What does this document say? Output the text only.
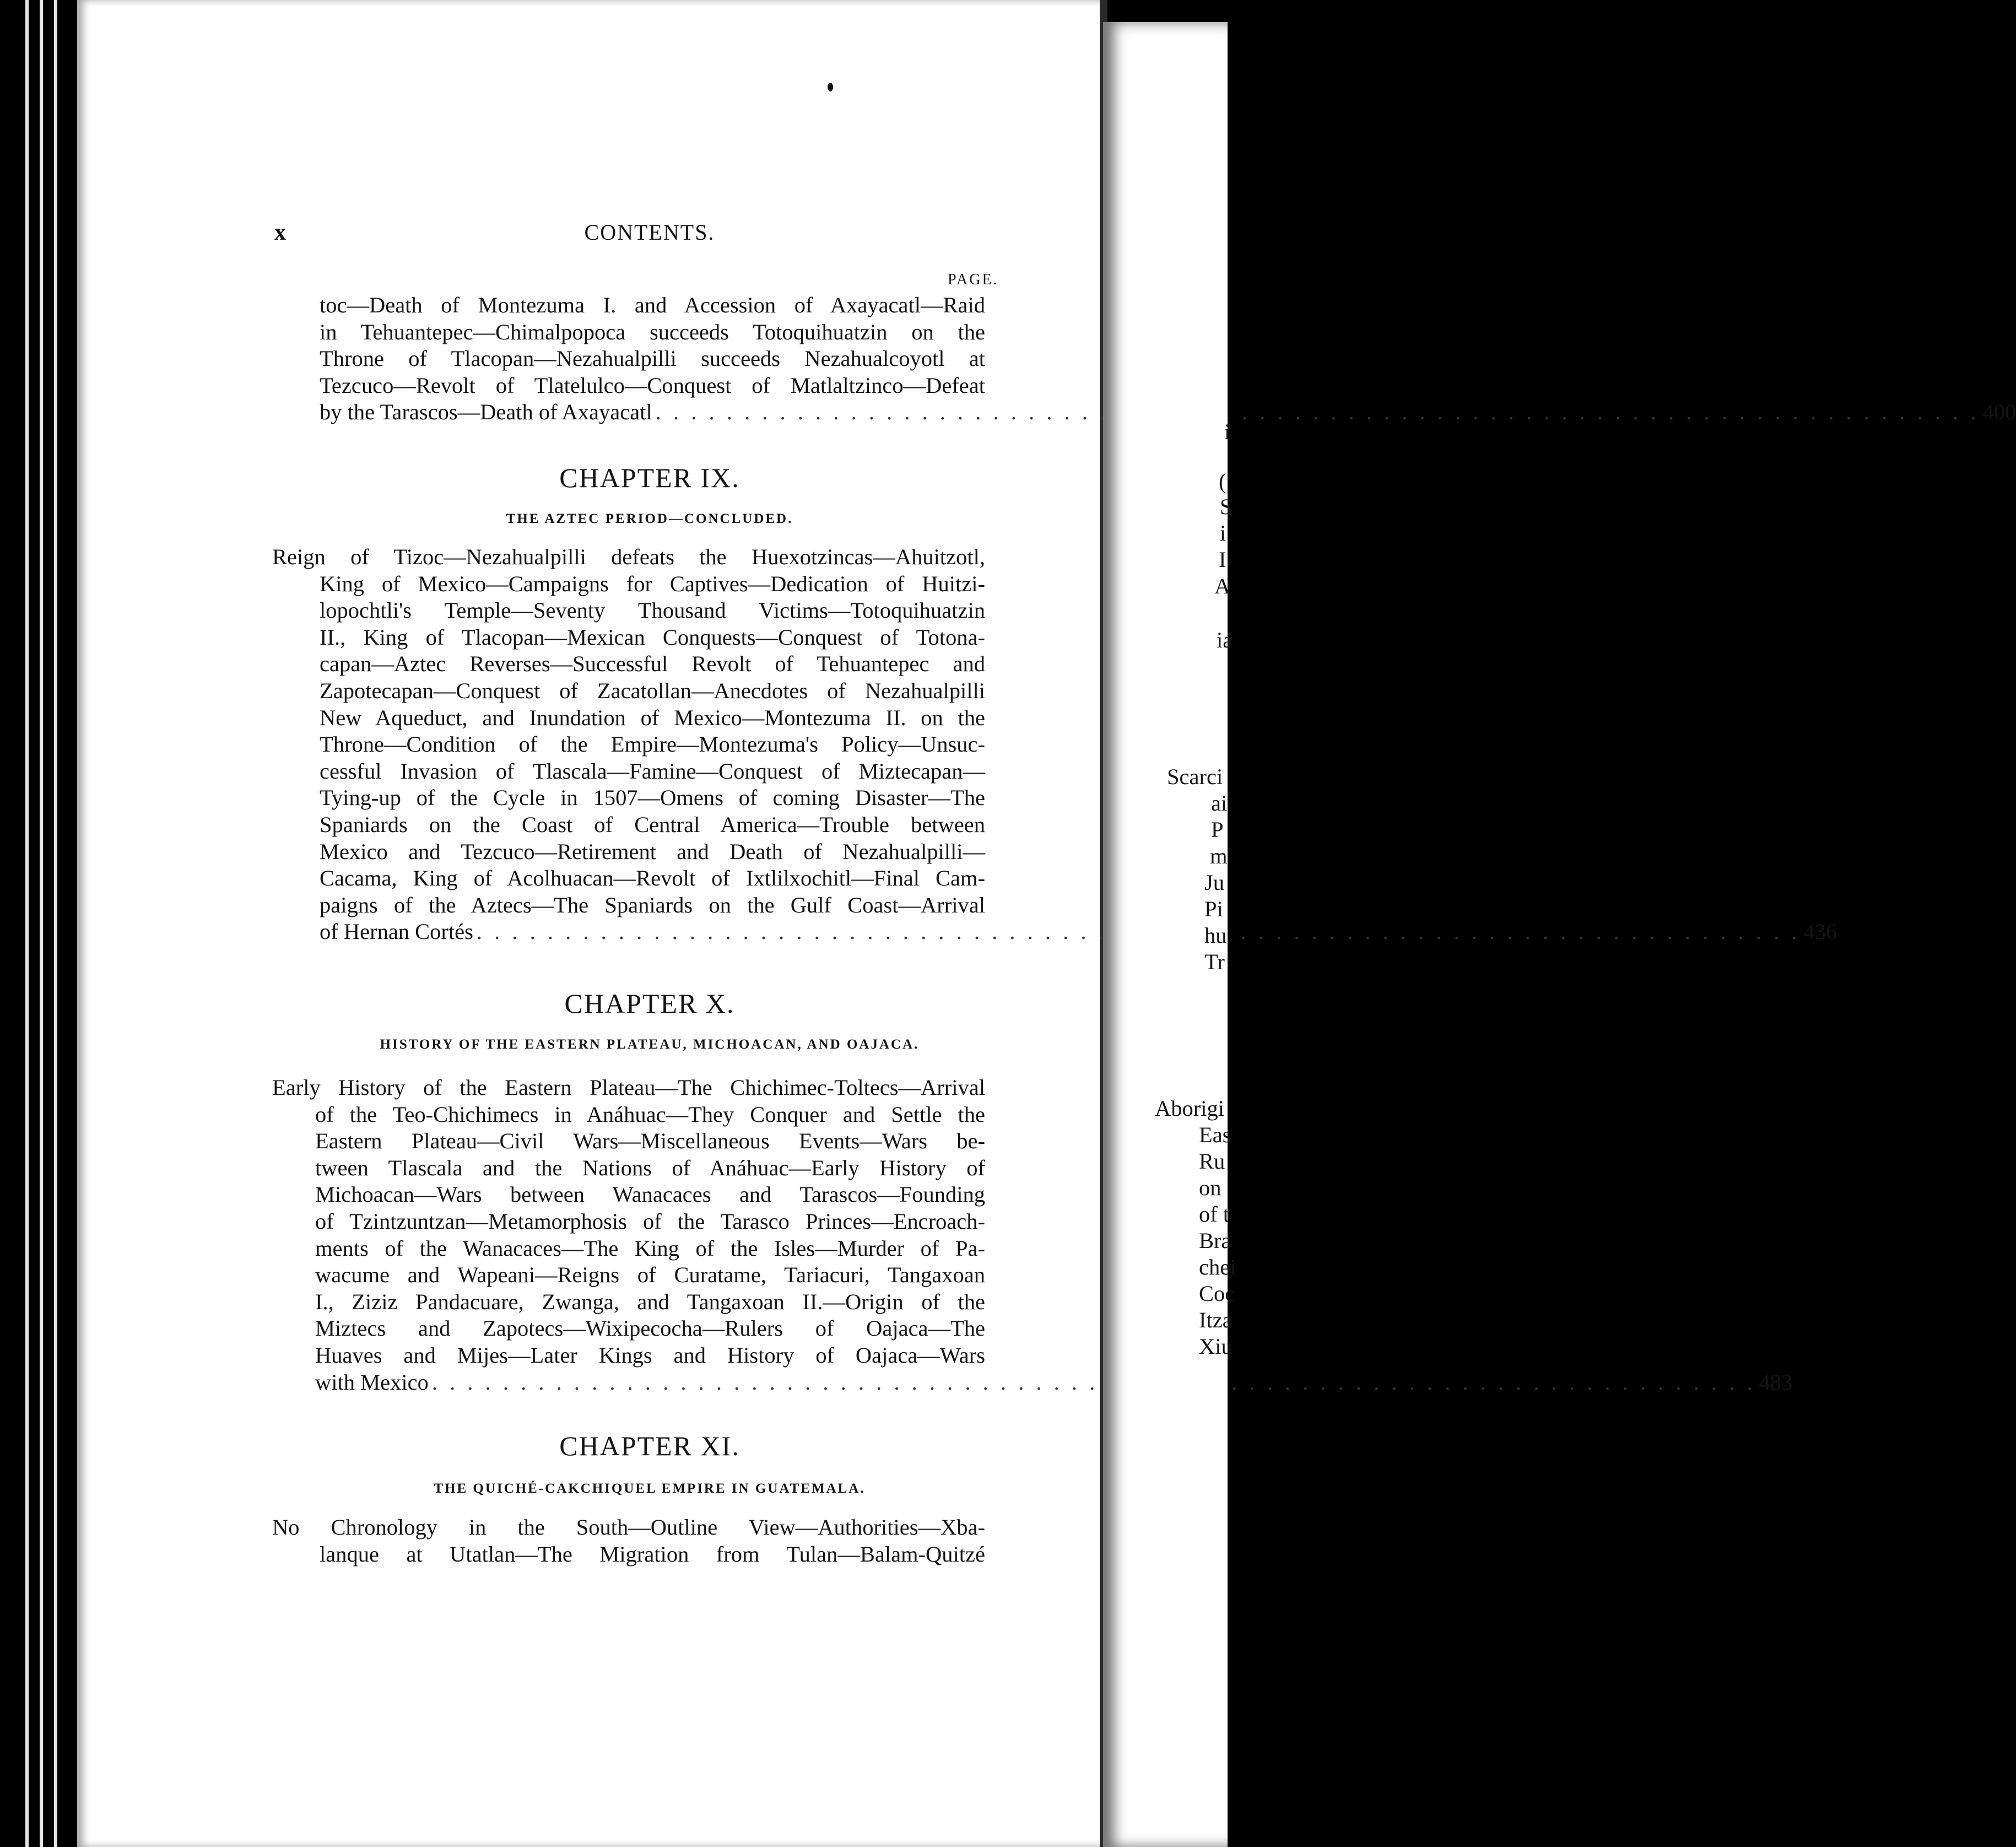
x	CONTENTS.
PAGE.
toc—Death of Montezuma I. and Accession of Axayacatl—Raid
in Tehuantepec—Chimalpopoca succeeds Totoquihuatzin on the
Throne of Tlacopan—Nezahualpilli succeeds Nezahualcoyotl at
Tezcuco—Revolt of Tlatelulco—Conquest of Matlaltzinco—Defeat
by the Tarascos—Death of Axayacatl . . .	400
CHAPTER IX.
THE AZTEC PERIOD—CONCLUDED.
Reign of Tizoc—Nezahualpilli defeats the Huexotzincas—Ahuitzotl,
King of Mexico—Campaigns for Captives—Dedication of Huitzi-
lopochtli's Temple—Seventy Thousand Victims—Totoquihuatzin
II., King of Tlacopan—Mexican Conquests—Conquest of Totona-
capan—Aztec Reverses—Successful Revolt of Tehuantepec and
Zapotecapan—Conquest of Zacatollan—Anecdotes of Nezahualpilli
New Aqueduct, and Inundation of Mexico—Montezuma II. on the
Throne—Condition of the Empire—Montezuma's Policy—Unsuc-
cessful Invasion of Tlascala—Famine—Conquest of Miztecapan—
Tying-up of the Cycle in 1507—Omens of coming Disaster—The
Spaniards on the Coast of Central America—Trouble between
Mexico and Tezcuco—Retirement and Death of Nezahualpilli—
Cacama, King of Acolhuacan—Revolt of Ixtlilxochitl—Final Cam-
paigns of the Aztecs—The Spaniards on the Gulf Coast—Arrival
of Hernan Cortés . . .	436
CHAPTER X.
HISTORY OF THE EASTERN PLATEAU, MICHOACAN, AND OAJACA.
Early History of the Eastern Plateau—The Chichimec-Toltecs—Arrival
of the Teo-Chichimecs in Anáhuac—They Conquer and Settle the
Eastern Plateau—Civil Wars—Miscellaneous Events—Wars be-
tween Tlascala and the Nations of Anáhuac—Early History of
Michoacan—Wars between Wanacaces and Tarascos—Founding
of Tzintzuntzan—Metamorphosis of the Tarasco Princes—Encroach-
ments of the Wanacaces—The King of the Isles—Murder of Pa-
wacume and Wapeani—Reigns of Curatame, Tariacuri, Tangaxoan
I., Ziziz Pandacuare, Zwanga, and Tangaxoan II.—Origin of the
Miztecs and Zapotecs—Wixipecocha—Rulers of Oajaca—The
Huaves and Mijes—Later Kings and History of Oajaca—Wars
with Mexico . . .	483
CHAPTER XI.
THE QUICHÉ-CAKCHIQUEL EMPIRE IN GUATEMALA.
No Chronology in the South—Outline View—Authorities—Xba-
lanque at Utatlan—The Migration from Tulan—Balam-Quitzé
i
(
S
i
I
A
ia
Scarci
ai
P
m
Ju
Pi
hu
Tr
Aborigi
Eas
Ru
on
of t
Bra
chei
Coc
Itza
Xiu
